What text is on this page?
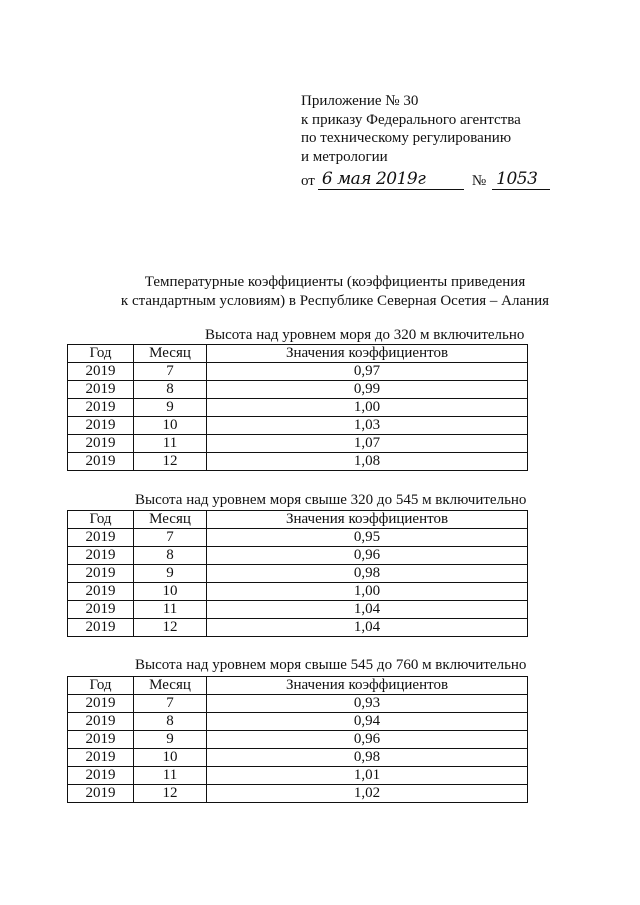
Приложение № 30
к приказу Федерального агентства
по техническому регулированию
и метрологии
от 6 мая 2019г	№ 1053
Температурные коэффициенты (коэффициенты приведения
к стандартным условиям) в Республике Северная Осетия – Алания
Высота над уровнем моря до 320 м включительно
Год	Месяц	Значения коэффициентов
2019	7	0,97
2019	8	0,99
2019	9	1,00
2019	10	1,03
2019	11	1,07
2019	12	1,08
Высота над уровнем моря свыше 320 до 545 м включительно
Год	Месяц	Значения коэффициентов
2019	7	0,95
2019	8	0,96
2019	9	0,98
2019	10	1,00
2019	11	1,04
2019	12	1,04
Высота над уровнем моря свыше 545 до 760 м включительно
Год	Месяц	Значения коэффициентов
2019	7	0,93
2019	8	0,94
2019	9	0,96
2019	10	0,98
2019	11	1,01
2019	12	1,02
